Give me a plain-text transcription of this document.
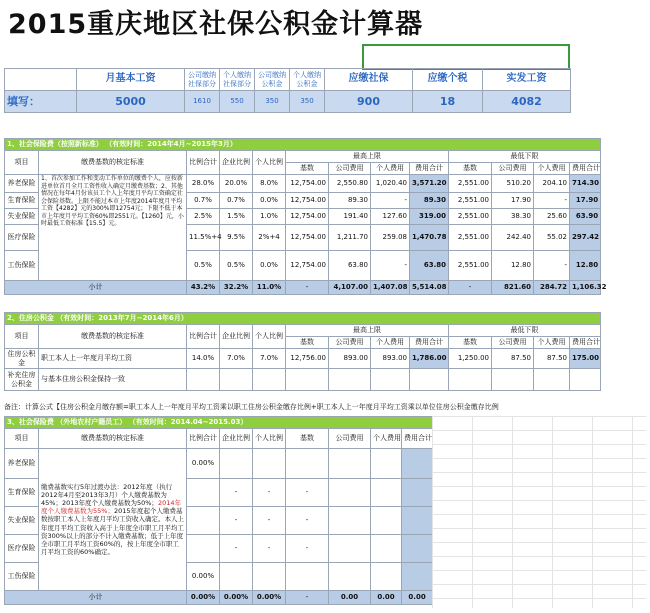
2015重庆地区社保公积金计算器
	月基本工资	公司缴纳社保部分	个人缴纳社保部分	公司缴纳公积金	个人缴纳公积金	应缴社保	应缴个税	实发工资
填写：	5000	1610	550	350	350	900	18	4082
1、社会保险费（按照新标准） （有效时间：2014年4月~2015年3月）												
项目	缴费基数的核定标准	比例合计	企业比例	个人比例	最高上限				最低下限			
					基数	公司费用	个人费用	费用合计	基数	公司费用	个人费用	费用合计
养老保险	1、首次参加工作和变动工作单位的缴费个人，应按新进单位首月全月工资性收入确定月缴费基数；2、其他情况在每年4月份该员工个人上年度月平均工资确定社会保险基数。上限不能过本市上年度2014年度月平均工资【4282】元的300%即12754元；下限不低于本市上年度月平均工资60%即2551元。【1260】元，小时最低工资标准【15.5】元。	28.0%	20.0%	8.0%	12,754.00	2,550.80	1,020.40	3,571.20	2,551.00	510.20	204.10	714.30
生育保险		0.7%	0.7%	0.0%	12,754.00	89.30	-	89.30	2,551.00	17.90	-	17.90
失业保险		2.5%	1.5%	1.0%	12,754.00	191.40	127.60	319.00	2,551.00	38.30	25.60	63.90
医疗保险		11.5%+4	9.5%	2%+4	12,754.00	1,211.70	259.08	1,470.78	2,551.00	242.40	55.02	297.42
工伤保险		0.5%	0.5%	0.0%	12,754.00	63.80	-	63.80	2,551.00	12.80	-	12.80
小计		43.2%	32.2%	11.0%	-	4,107.00	1,407.08	5,514.08	-	821.60	284.72	1,106.32
2、住房公积金 （有效时间：2013年7月~2014年6月）												
项目	缴费基数的核定标准	比例合计	企业比例	个人比例	最高上限				最低下限			
					基数	公司费用	个人费用	费用合计	基数	公司费用	个人费用	费用合计
住房公积金	职工本人上一年度月平均工资	14.0%	7.0%	7.0%	12,756.00	893.00	893.00	1,786.00	1,250.00	87.50	87.50	175.00
补充住房公积金	与基本住房公积金保持一致											
备注：计算公式【住房公积金月缴存额=职工本人上一年度月平均工资乘以职工住房公积金缴存比例+职工本人上一年度月平均工资乘以单位住房公积金缴存比例
3、社会保险费 （外地农村户籍员工） （有效时间：2014.04~2015.03）								
项目	缴费基数的核定标准	比例合计	企业比例	个人比例	基数	公司费用	个人费用	费用合计
养老保险	缴费基数实行5年过渡办法：2012年度（执行2012年4月至2013年3月）个人缴费基数为45%；2013年度个人缴费基数为50%；2014年度个人缴费基数为55%；2015年度起个人缴费基数按职工本人上年度月平均工资收入确定。本人上年度月平均工资收入高于上年度全市职工月平均工资300%以上的部分不计入缴费基数；低于上年度全市职工月平均工资60%的，按上年度全市职工月平均工资的60%确定。	0.00%						
生育保险			-	-	-			
失业保险			-	-	-			
医疗保险			-	-	-			
工伤保险		0.00%						
小计		0.00%	0.00%	0.00%	-	0.00	0.00	0.00
